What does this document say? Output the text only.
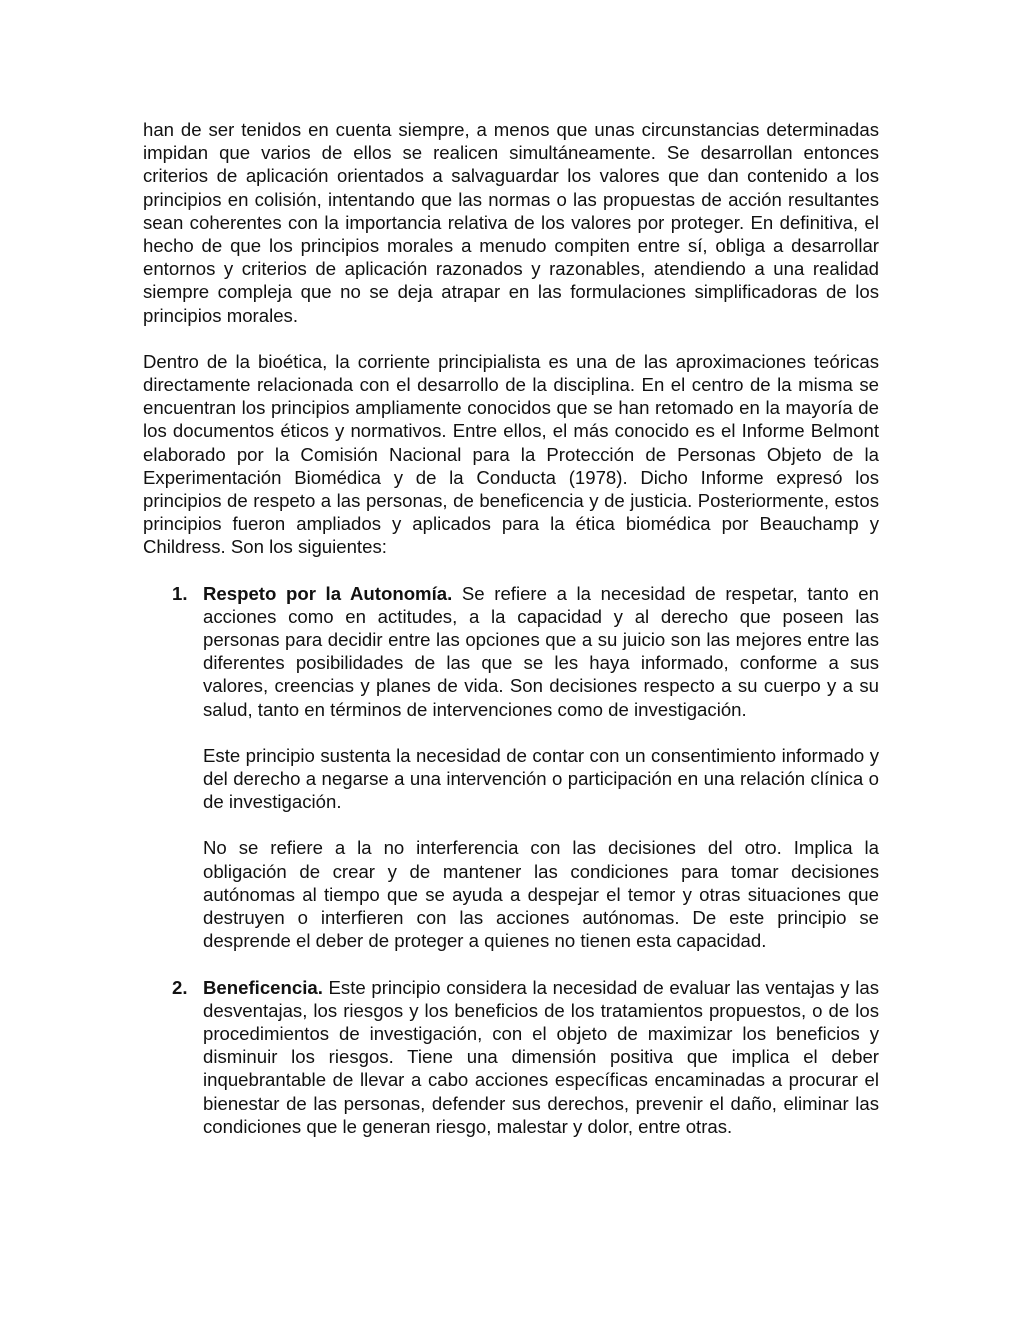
han de ser tenidos en cuenta siempre, a menos que unas circunstancias determinadas impidan que varios de ellos se realicen simultáneamente. Se desarrollan entonces criterios de aplicación orientados a salvaguardar los valores que dan contenido a los principios en colisión, intentando que las normas o las propuestas de acción resultantes sean coherentes con la importancia relativa de los valores por proteger. En definitiva, el hecho de que los principios morales a menudo compiten entre sí, obliga a desarrollar entornos y criterios de aplicación razonados y razonables, atendiendo a una realidad siempre compleja que no se deja atrapar en las formulaciones simplificadoras de los principios morales.

Dentro de la bioética, la corriente principialista es una de las aproximaciones teóricas directamente relacionada con el desarrollo de la disciplina. En el centro de la misma se encuentran los principios ampliamente conocidos que se han retomado en la mayoría de los documentos éticos y normativos. Entre ellos, el más conocido es el Informe Belmont elaborado por la Comisión Nacional para la Protección de Personas Objeto de la Experimentación Biomédica y de la Conducta (1978). Dicho Informe expresó los principios de respeto a las personas, de beneficencia y de justicia. Posteriormente, estos principios fueron ampliados y aplicados para la ética biomédica por Beauchamp y Childress. Son los siguientes:

1. Respeto por la Autonomía. Se refiere a la necesidad de respetar, tanto en acciones como en actitudes, a la capacidad y al derecho que poseen las personas para decidir entre las opciones que a su juicio son las mejores entre las diferentes posibilidades de las que se les haya informado, conforme a sus valores, creencias y planes de vida. Son decisiones respecto a su cuerpo y a su salud, tanto en términos de intervenciones como de investigación.

Este principio sustenta la necesidad de contar con un consentimiento informado y del derecho a negarse a una intervención o participación en una relación clínica o de investigación.

No se refiere a la no interferencia con las decisiones del otro. Implica la obligación de crear y de mantener las condiciones para tomar decisiones autónomas al tiempo que se ayuda a despejar el temor y otras situaciones que destruyen o interfieren con las acciones autónomas. De este principio se desprende el deber de proteger a quienes no tienen esta capacidad.

2. Beneficencia. Este principio considera la necesidad de evaluar las ventajas y las desventajas, los riesgos y los beneficios de los tratamientos propuestos, o de los procedimientos de investigación, con el objeto de maximizar los beneficios y disminuir los riesgos. Tiene una dimensión positiva que implica el deber inquebrantable de llevar a cabo acciones específicas encaminadas a procurar el bienestar de las personas, defender sus derechos, prevenir el daño, eliminar las condiciones que le generan riesgo, malestar y dolor, entre otras.
